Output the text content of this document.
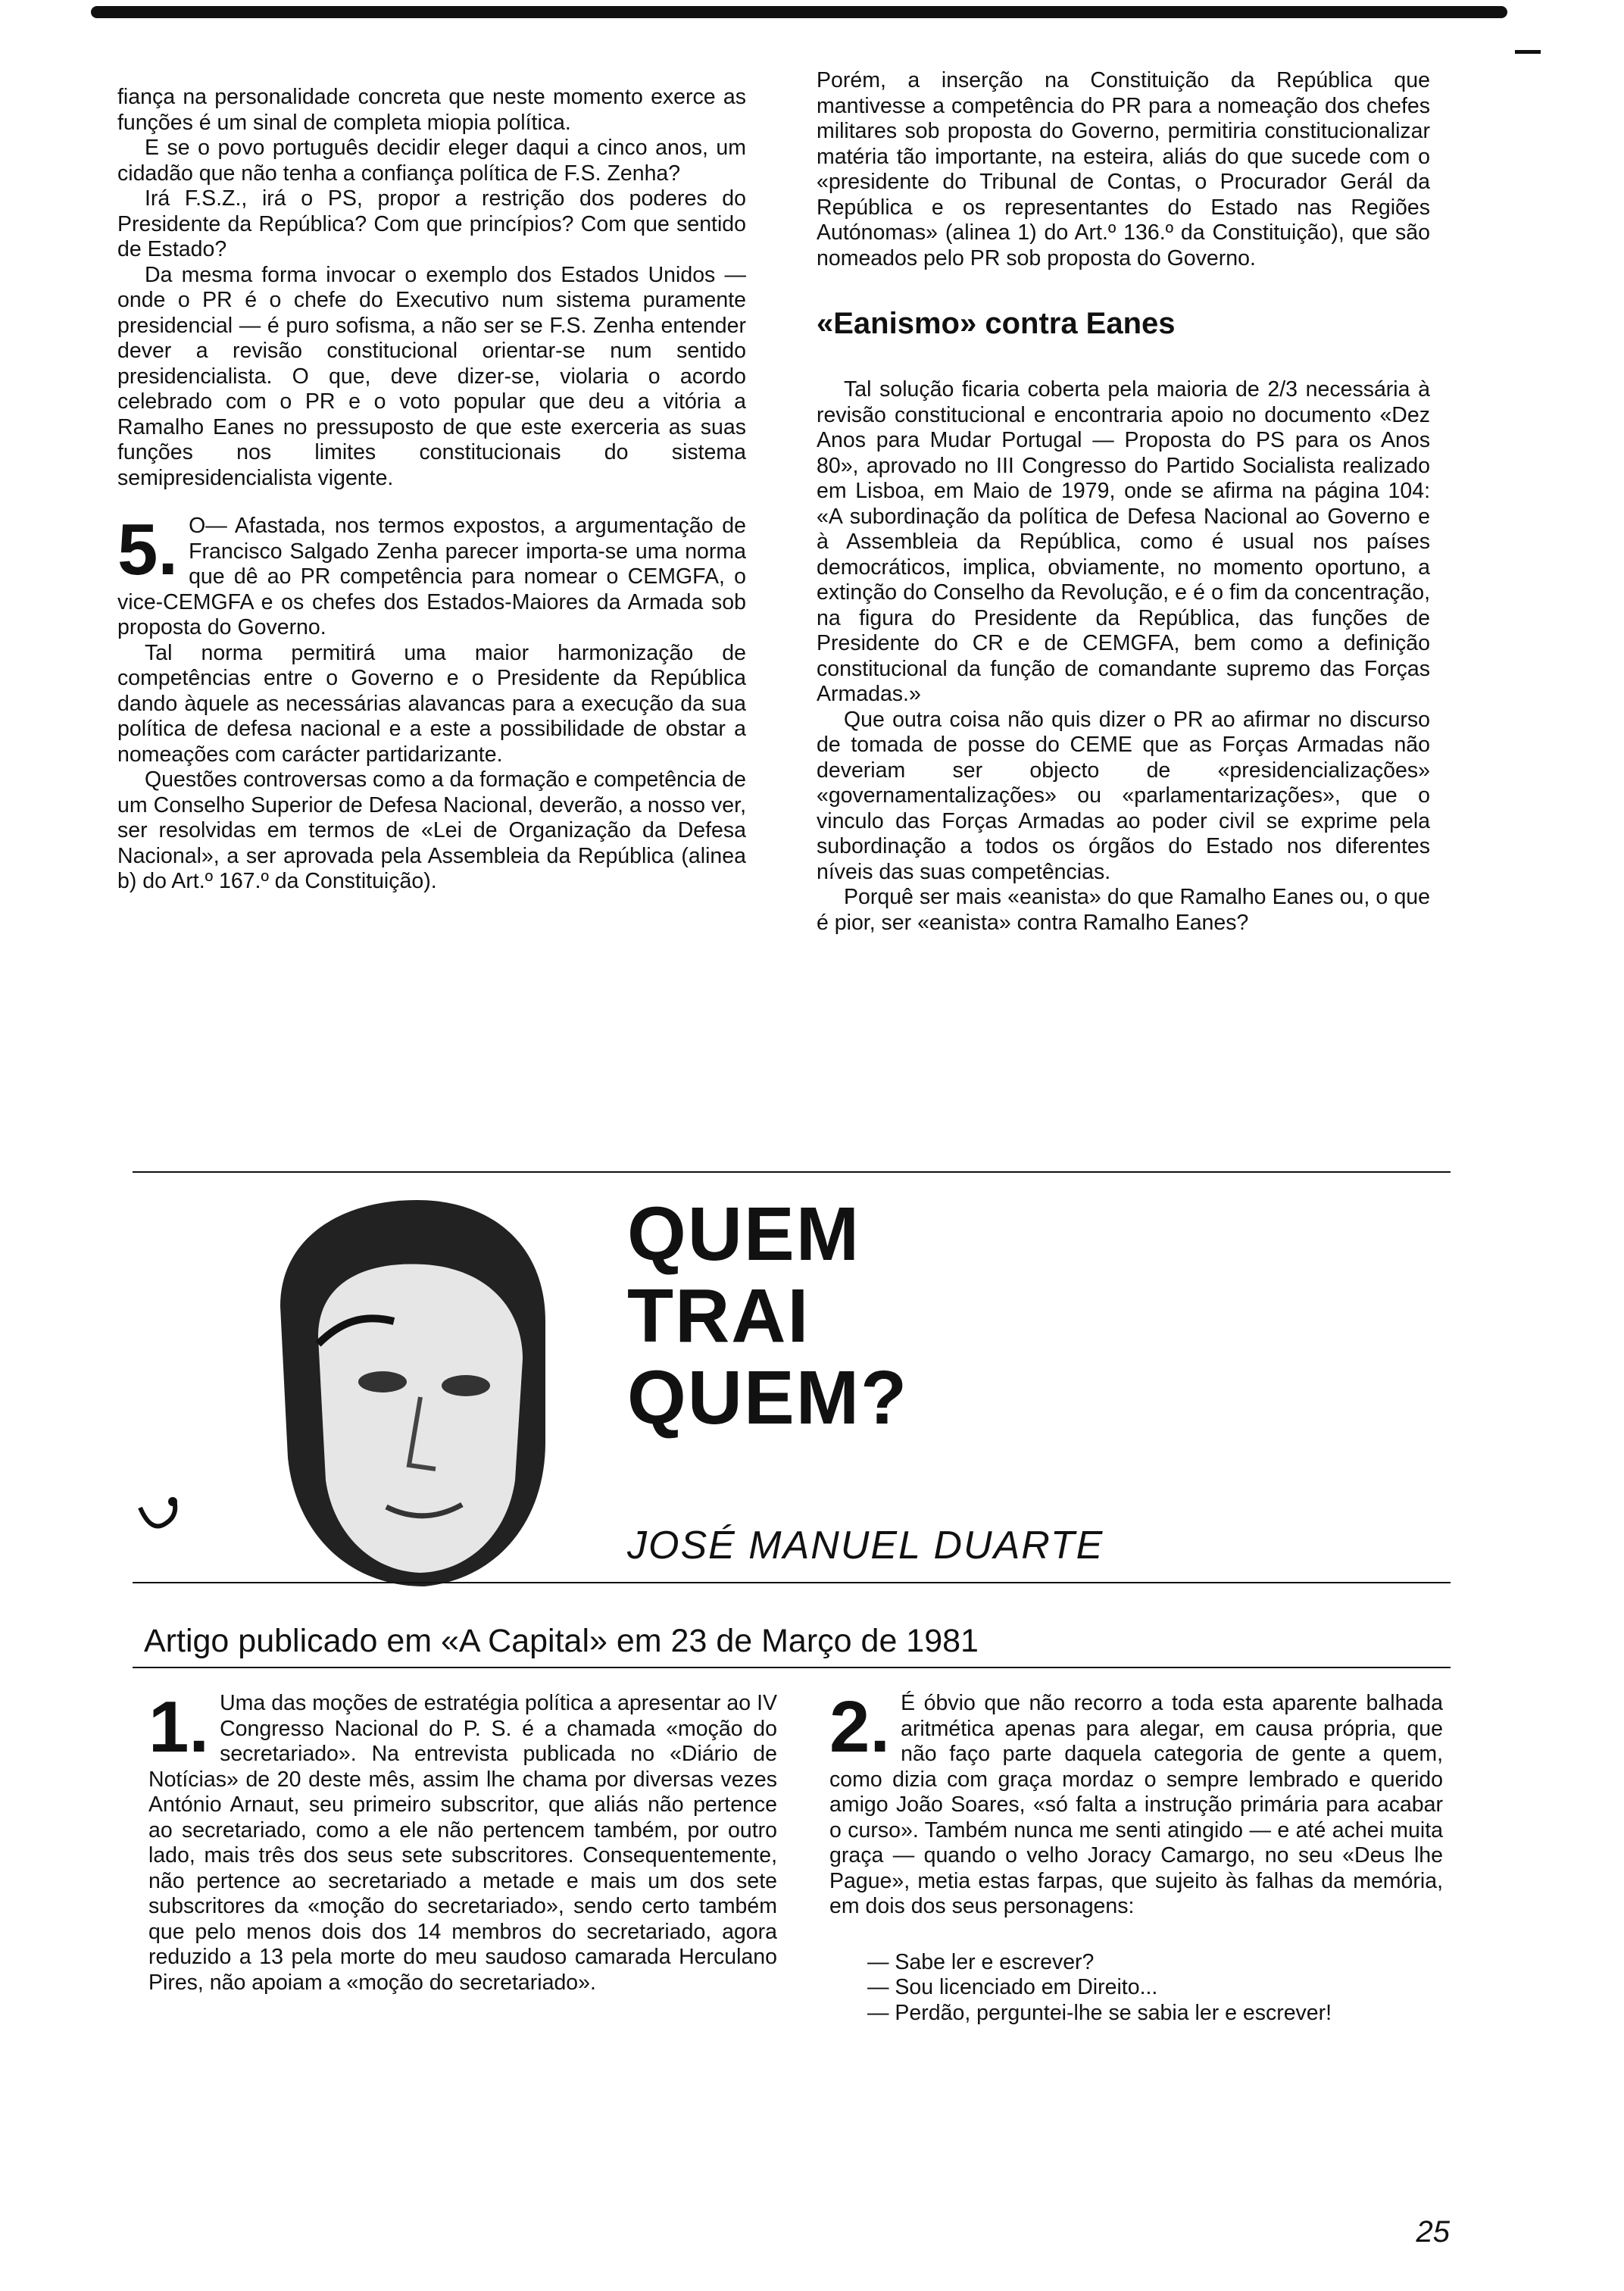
fiança na personalidade concreta que neste momento exerce as funções é um sinal de completa miopia política.

E se o povo português decidir eleger daqui a cinco anos, um cidadão que não tenha a confiança política de F.S. Zenha?

Irá F.S.Z., irá o PS, propor a restrição dos poderes do Presidente da República? Com que princípios? Com que sentido de Estado?

Da mesma forma invocar o exemplo dos Estados Unidos — onde o PR é o chefe do Executivo num sistema puramente presidencial — é puro sofisma, a não ser se F.S. Zenha entender dever a revisão constitucional orientar-se num sentido presidencialista. O que, deve dizer-se, violaria o acordo celebrado com o PR e o voto popular que deu a vitória a Ramalho Eanes no pressuposto de que este exerceria as suas funções nos limites constitucionais do sistema semipresidencialista vigente.

5. O— Afastada, nos termos expostos, a argumentação de Francisco Salgado Zenha parecer importa-se uma norma que dê ao PR competência para nomear o CEMGFA, o vice-CEMGFA e os chefes dos Estados-Maiores da Armada sob proposta do Governo.

Tal norma permitirá uma maior harmonização de competências entre o Governo e o Presidente da República dando àquele as necessárias alavancas para a execução da sua política de defesa nacional e a este a possibilidade de obstar a nomeações com carácter partidarizante.

Questões controversas como a da formação e competência de um Conselho Superior de Defesa Nacional, deverão, a nosso ver, ser resolvidas em termos de «Lei de Organização da Defesa Nacional», a ser aprovada pela Assembleia da República (alinea b) do Art.º 167.º da Constituição).

Porém, a inserção na Constituição da República que mantivesse a competência do PR para a nomeação dos chefes militares sob proposta do Governo, permitiria constitucionalizar matéria tão importante, na esteira, aliás do que sucede com o «presidente do Tribunal de Contas, o Procurador Gerál da República e os representantes do Estado nas Regiões Autónomas» (alinea 1) do Art.º 136.º da Constituição), que são nomeados pelo PR sob proposta do Governo.

«Eanismo» contra Eanes

Tal solução ficaria coberta pela maioria de 2/3 necessária à revisão constitucional e encontraria apoio no documento «Dez Anos para Mudar Portugal — Proposta do PS para os Anos 80», aprovado no III Congresso do Partido Socialista realizado em Lisboa, em Maio de 1979, onde se afirma na página 104: «A subordinação da política de Defesa Nacional ao Governo e à Assembleia da República, como é usual nos países democráticos, implica, obviamente, no momento oportuno, a extinção do Conselho da Revolução, e é o fim da concentração, na figura do Presidente da República, das funções de Presidente do CR e de CEMGFA, bem como a definição constitucional da função de comandante supremo das Forças Armadas.»

Que outra coisa não quis dizer o PR ao afirmar no discurso de tomada de posse do CEME que as Forças Armadas não deveriam ser objecto de «presidencializações» «governamentalizações» ou «parlamentarizações», que o vinculo das Forças Armadas ao poder civil se exprime pela subordinação a todos os órgãos do Estado nos diferentes níveis das suas competências.

Porquê ser mais «eanista» do que Ramalho Eanes ou, o que é pior, ser «eanista» contra Ramalho Eanes?

QUEM
TRAI
QUEM?
JOSÉ MANUEL DUARTE
Artigo publicado em «A Capital» em 23 de Março de 1981

1. Uma das moções de estratégia política a apresentar ao IV Congresso Nacional do P. S. é a chamada «moção do secretariado». Na entrevista publicada no «Diário de Notícias» de 20 deste mês, assim lhe chama por diversas vezes António Arnaut, seu primeiro subscritor, que aliás não pertence ao secretariado, como a ele não pertencem também, por outro lado, mais três dos seus sete subscritores. Consequentemente, não pertence ao secretariado a metade e mais um dos sete subscritores da «moção do secretariado», sendo certo também que pelo menos dois dos 14 membros do secretariado, agora reduzido a 13 pela morte do meu saudoso camarada Herculano Pires, não apoiam a «moção do secretariado».

2. É óbvio que não recorro a toda esta aparente balhada aritmética apenas para alegar, em causa própria, que não faço parte daquela categoria de gente a quem, como dizia com graça mordaz o sempre lembrado e querido amigo João Soares, «só falta a instrução primária para acabar o curso». Também nunca me senti atingido — e até achei muita graça — quando o velho Joracy Camargo, no seu «Deus lhe Pague», metia estas farpas, que sujeito às falhas da memória, em dois dos seus personagens:

— Sabe ler e escrever?

— Sou licenciado em Direito...

— Perdão, perguntei-lhe se sabia ler e escrever!

25
